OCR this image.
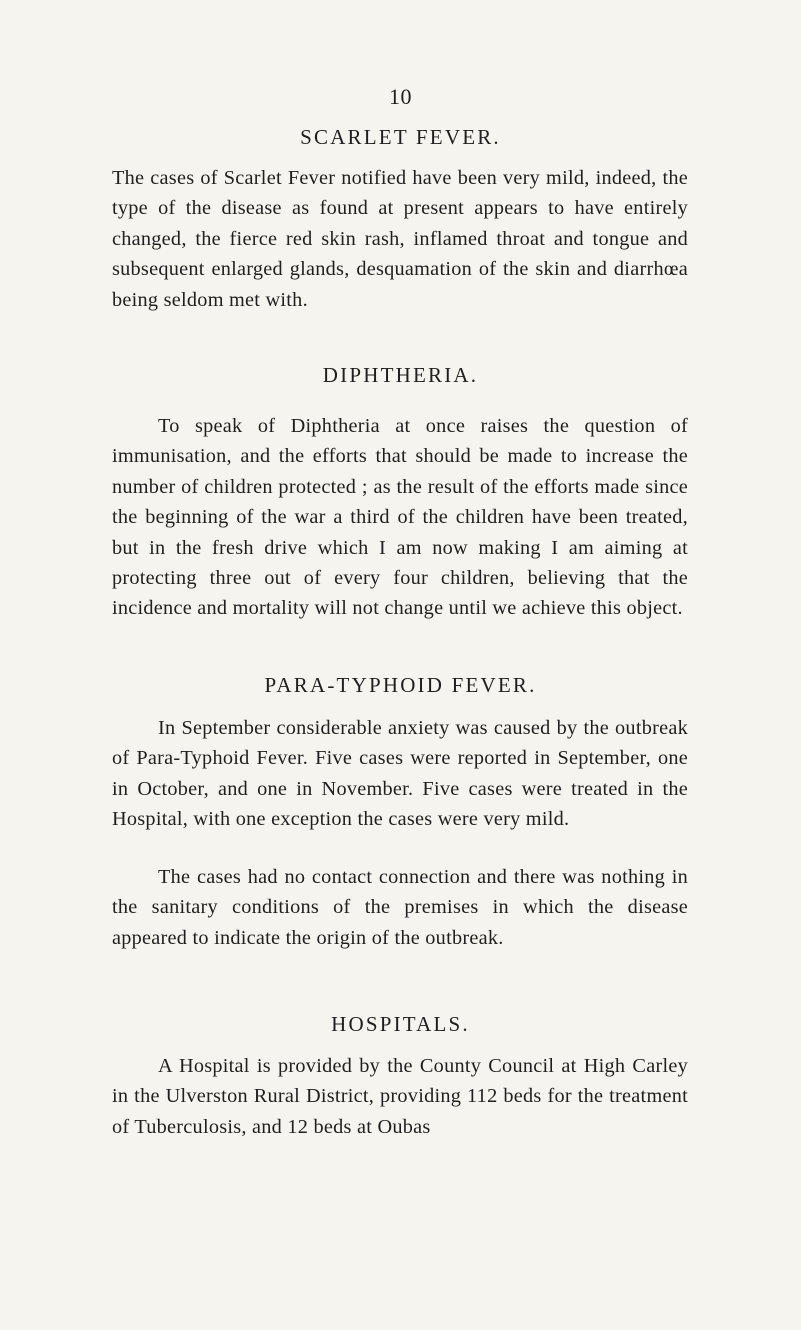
10
SCARLET FEVER.
The cases of Scarlet Fever notified have been very mild, indeed, the type of the disease as found at present appears to have entirely changed, the fierce red skin rash, inflamed throat and tongue and subsequent enlarged glands, desquamation of the skin and diarrhœa being seldom met with.
DIPHTHERIA.
To speak of Diphtheria at once raises the question of immunisation, and the efforts that should be made to increase the number of children protected ; as the result of the efforts made since the beginning of the war a third of the children have been treated, but in the fresh drive which I am now making I am aiming at protecting three out of every four children, believing that the incidence and mortality will not change until we achieve this object.
PARA-TYPHOID FEVER.
In September considerable anxiety was caused by the outbreak of Para-Typhoid Fever. Five cases were reported in September, one in October, and one in November. Five cases were treated in the Hospital, with one exception the cases were very mild.
The cases had no contact connection and there was nothing in the sanitary conditions of the premises in which the disease appeared to indicate the origin of the outbreak.
HOSPITALS.
A Hospital is provided by the County Council at High Carley in the Ulverston Rural District, providing 112 beds for the treatment of Tuberculosis, and 12 beds at Oubas
